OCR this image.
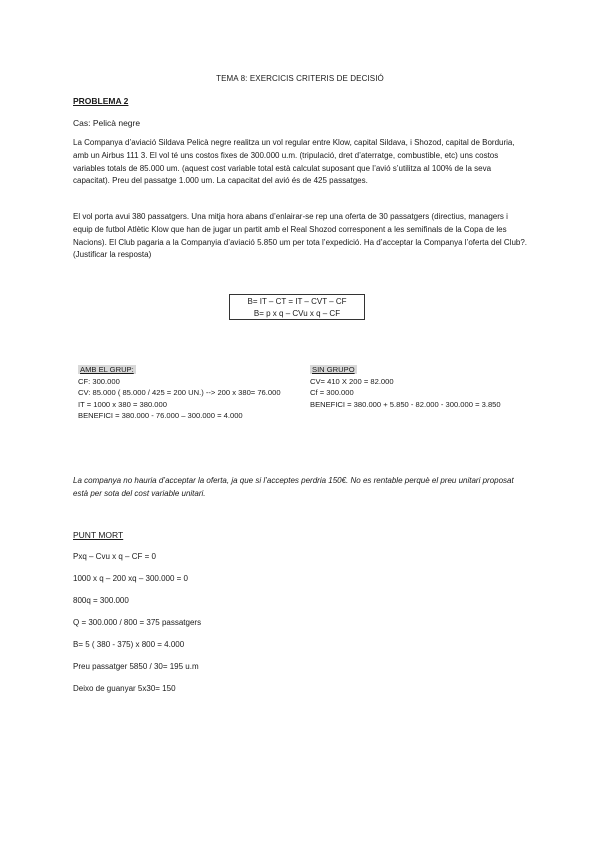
TEMA 8: EXERCICIS CRITERIS DE DECISIÓ
PROBLEMA 2
Cas: Pelicà negre
La Companya d’aviació Sildava Pelicà negre realitza un vol regular entre Klow, capital Sildava, i Shozod, capital de Borduria, amb un Airbus 111 3. El vol té uns costos fixes de 300.000 u.m. (tripulació, dret d’aterratge, combustible, etc) uns costos variables totals de 85.000 um. (aquest cost variable total està calculat suposant que l’avió s’utilitza al 100% de la seva capacitat). Preu del passatge 1.000 um. La capacitat del avió és de 425 passatges.
El vol porta avui 380 passatgers. Una mitja hora abans d’enlairar-se rep una oferta de 30 passatgers (directius, managers i equip de futbol Atlètic Klow que han de jugar un partit amb el Real Shozod corresponent a les semifinals de la Copa de les Nacions). El Club pagaria a la Companyia d’aviació 5.850 um per tota l’expedició. Ha d’acceptar la Companya l’oferta del Club?. (Justificar la resposta)
B= IT – CT = IT – CVT – CF
B= p x q – CVu x q – CF
AMB EL GRUP:
CF: 300.000
CV: 85.000 ( 85.000 / 425 = 200 UN.) --> 200 x 380= 76.000
IT = 1000 x 380 = 380.000
BENEFICI = 380.000 - 76.000 – 300.000 = 4.000
SIN GRUPO
CV= 410 X 200 = 82.000
Cf = 300.000
BENEFICI = 380.000 + 5.850 - 82.000 - 300.000 = 3.850
La companya no hauria d’acceptar la oferta, ja que si l’acceptes perdria 150€. No es rentable perquè el preu unitari proposat està per sota del cost variable unitari.
PUNT MORT
Pxq – Cvu x q – CF = 0
1000 x q – 200 xq – 300.000 = 0
800q = 300.000
Q = 300.000 / 800 = 375 passatgers
B= 5 ( 380 - 375) x 800 = 4.000
Preu passatger 5850 / 30= 195 u.m
Deixo de guanyar 5x30= 150
